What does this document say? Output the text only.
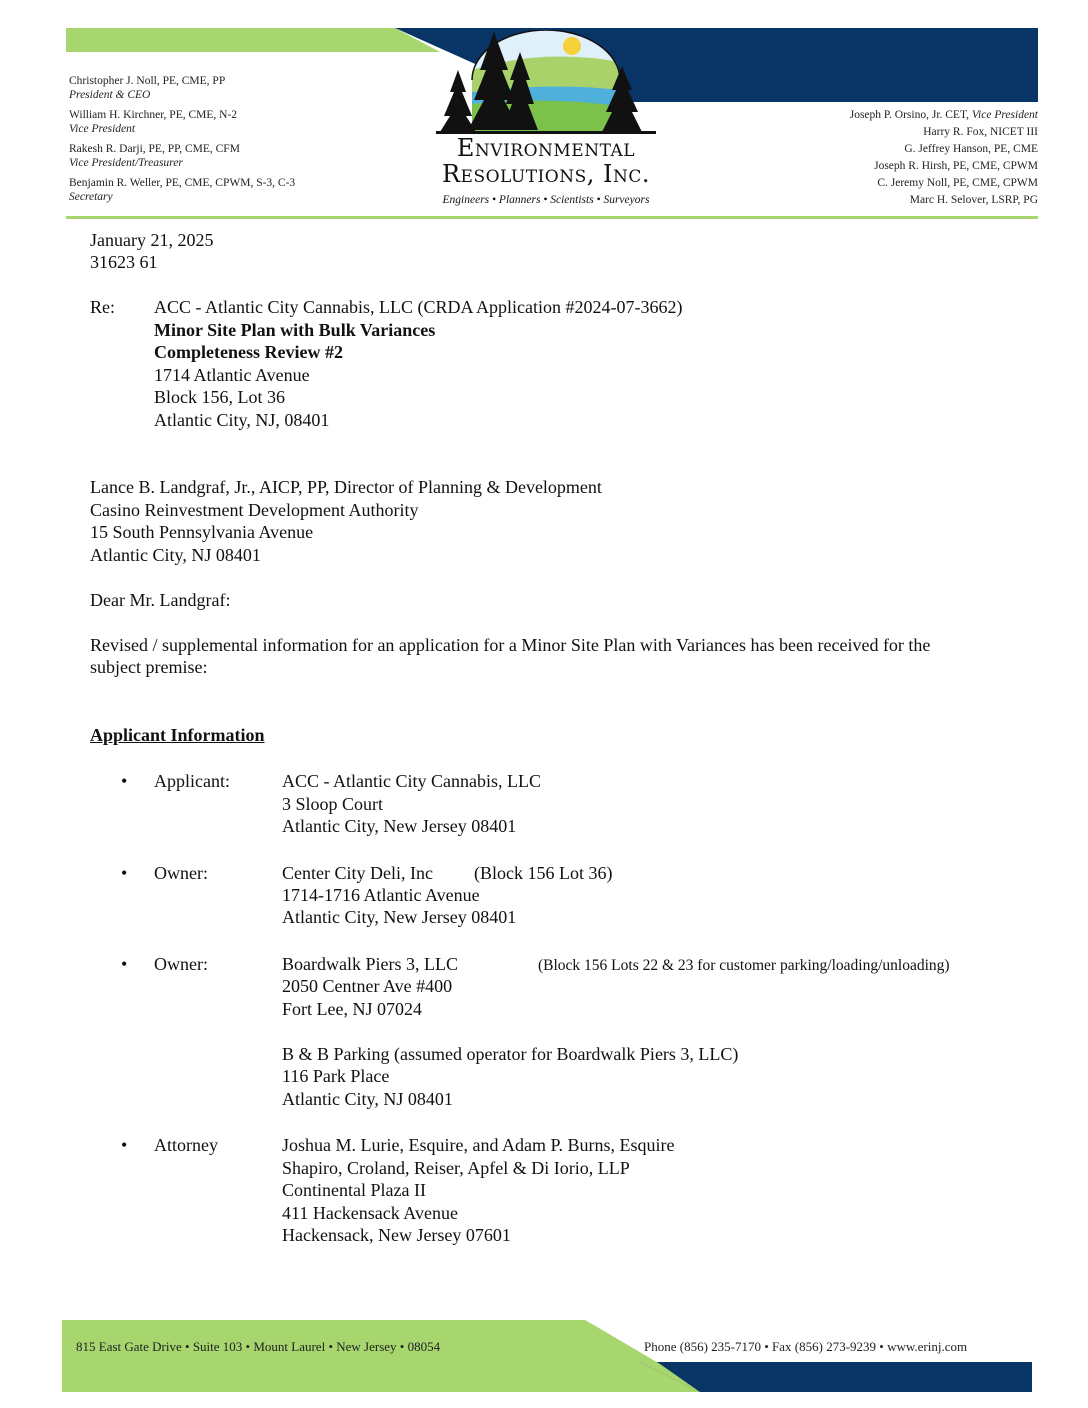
Christopher J. Noll, PE, CME, PP
President & CEO
William H. Kirchner, PE, CME, N-2
Vice President
Rakesh R. Darji, PE, PP, CME, CFM
Vice President/Treasurer
Benjamin R. Weller, PE, CME, CPWM, S-3, C-3
Secretary
Joseph P. Orsino, Jr. CET, Vice President
Harry R. Fox, NICET III
G. Jeffrey Hanson, PE, CME
Joseph R. Hirsh, PE, CME, CPWM
C. Jeremy Noll, PE, CME, CPWM
Marc H. Selover, LSRP, PG
Environmental
Resolutions, Inc.
Engineers • Planners • Scientists • Surveyors
January 21, 2025
31623 61
Re: ACC - Atlantic City Cannabis, LLC (CRDA Application #2024-07-3662)
Minor Site Plan with Bulk Variances
Completeness Review #2
1714 Atlantic Avenue
Block 156, Lot 36
Atlantic City, NJ, 08401
Lance B. Landgraf, Jr., AICP, PP, Director of Planning & Development
Casino Reinvestment Development Authority
15 South Pennsylvania Avenue
Atlantic City, NJ 08401
Dear Mr. Landgraf:
Revised / supplemental information for an application for a Minor Site Plan with Variances has been received for the
subject premise:
Applicant Information
• Applicant:	ACC - Atlantic City Cannabis, LLC
3 Sloop Court
Atlantic City, New Jersey 08401
• Owner:	Center City Deli, Inc (Block 156 Lot 36)
1714-1716 Atlantic Avenue
Atlantic City, New Jersey 08401
• Owner:	Boardwalk Piers 3, LLC	(Block 156 Lots 22 & 23 for customer parking/loading/unloading)
2050 Centner Ave #400
Fort Lee, NJ 07024
B & B Parking (assumed operator for Boardwalk Piers 3, LLC)
116 Park Place
Atlantic City, NJ 08401
• Attorney	Joshua M. Lurie, Esquire, and Adam P. Burns, Esquire
Shapiro, Croland, Reiser, Apfel & Di Iorio, LLP
Continental Plaza II
411 Hackensack Avenue
Hackensack, New Jersey 07601
815 East Gate Drive • Suite 103 • Mount Laurel • New Jersey • 08054	Phone (856) 235-7170 • Fax (856) 273-9239 • www.erinj.com
